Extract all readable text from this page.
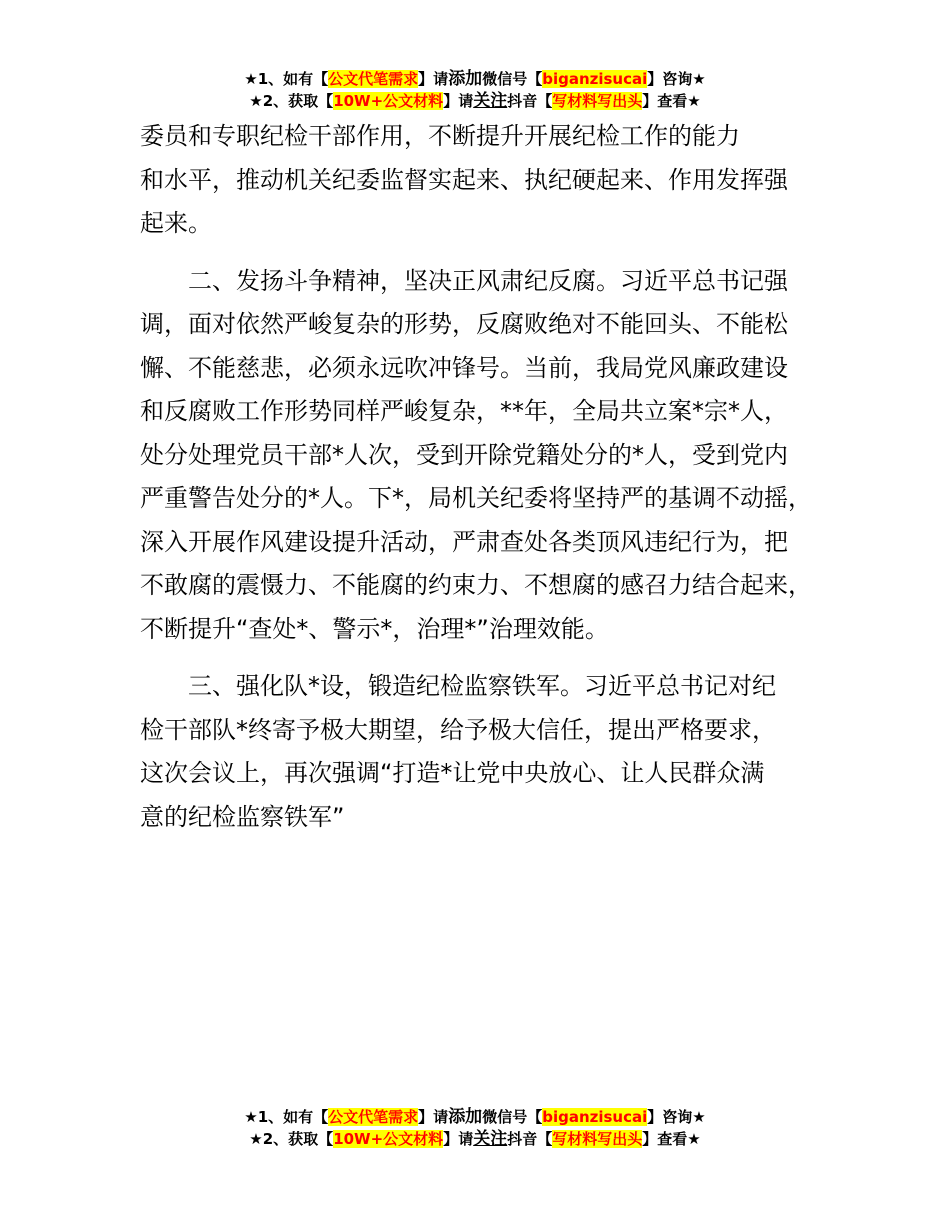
★1、如有【公文代笔需求】请添加微信号【biganzisucai】咨询★
★2、获取【10W+公文材料】请关注抖音【写材料写出头】查看★

委员和专职纪检干部作用，不断提升开展纪检工作的能力

和水平，推动机关纪委监督实起来、执纪硬起来、作用发挥强

起来。

二、发扬斗争精神，坚决正风肃纪反腐。习近平总书记强

调，面对依然严峻复杂的形势，反腐败绝对不能回头、不能松

懈、不能慈悲，必须永远吹冲锋号。当前，我局党风廉政建设

和反腐败工作形势同样严峻复杂，**年，全局共立案*宗*人，

处分处理党员干部*人次，受到开除党籍处分的*人，受到党内

严重警告处分的*人。下*，局机关纪委将坚持严的基调不动摇，

深入开展作风建设提升活动，严肃查处各类顶风违纪行为，把

不敢腐的震慑力、不能腐的约束力、不想腐的感召力结合起来，

不断提升“查处*、警示*，治理*”治理效能。

三、强化队*设，锻造纪检监察铁军。习近平总书记对纪

检干部队*终寄予极大期望，给予极大信任，提出严格要求，

这次会议上，再次强调“打造*让党中央放心、让人民群众满

意的纪检监察铁军”

★1、如有【公文代笔需求】请添加微信号【biganzisucai】咨询★
★2、获取【10W+公文材料】请关注抖音【写材料写出头】查看★
